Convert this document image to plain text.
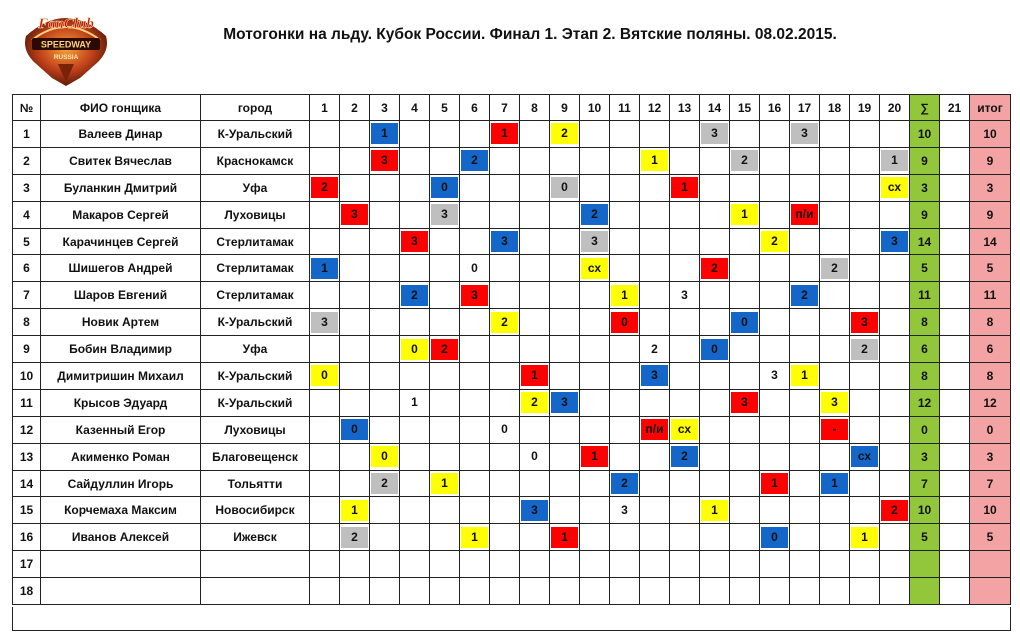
FanClub
SPEEDWAY
RUSSIA
Мотогонки на льду. Кубок России. Финал 1. Этап 2. Вятские поляны. 08.02.2015.
№	ФИО гонщика	город	1	2	3	4	5	6	7	8	9	10	11	12	13	14	15	16	17	18	19	20	∑	21	итог
1	Валеев Динар	К-Уральский			1				1		2					3			3				10		10
2	Свитек Вячеслав	Краснокамск			3			2						1			2					1	9		9
3	Буланкин Дмитрий	Уфа	2				0				0				1							сх	3		3
4	Макаров Сергей	Луховицы		3			3					2					1		п/и				9		9
5	Карачинцев Сергей	Стерлитамак				3			3			3						2				3	14		14
6	Шишегов Андрей	Стерлитамак	1					0				сх				2				2			5		5
7	Шаров Евгений	Стерлитамак				2		3					1		3				2				11		11
8	Новик Артем	К-Уральский	3						2				0				0				3		8		8
9	Бобин Владимир	Уфа				0	2							2		0					2		6		6
10	Димитришин Михаил	К-Уральский	0							1				3				3	1				8		8
11	Крысов Эдуард	К-Уральский				1				2	3						3			3			12		12
12	Казенный Егор	Луховицы		0					0					п/и	сх					-			0		0
13	Акименко Роман	Благовещенск			0					0		1			2						сх		3		3
14	Сайдуллин Игорь	Тольятти			2		1						2					1		1			7		7
15	Корчемаха Максим	Новосибирск		1						3			3			1						2	10		10
16	Иванов Алексей	Ижевск		2				1			1							0			1		5		5
17																									
18																									
